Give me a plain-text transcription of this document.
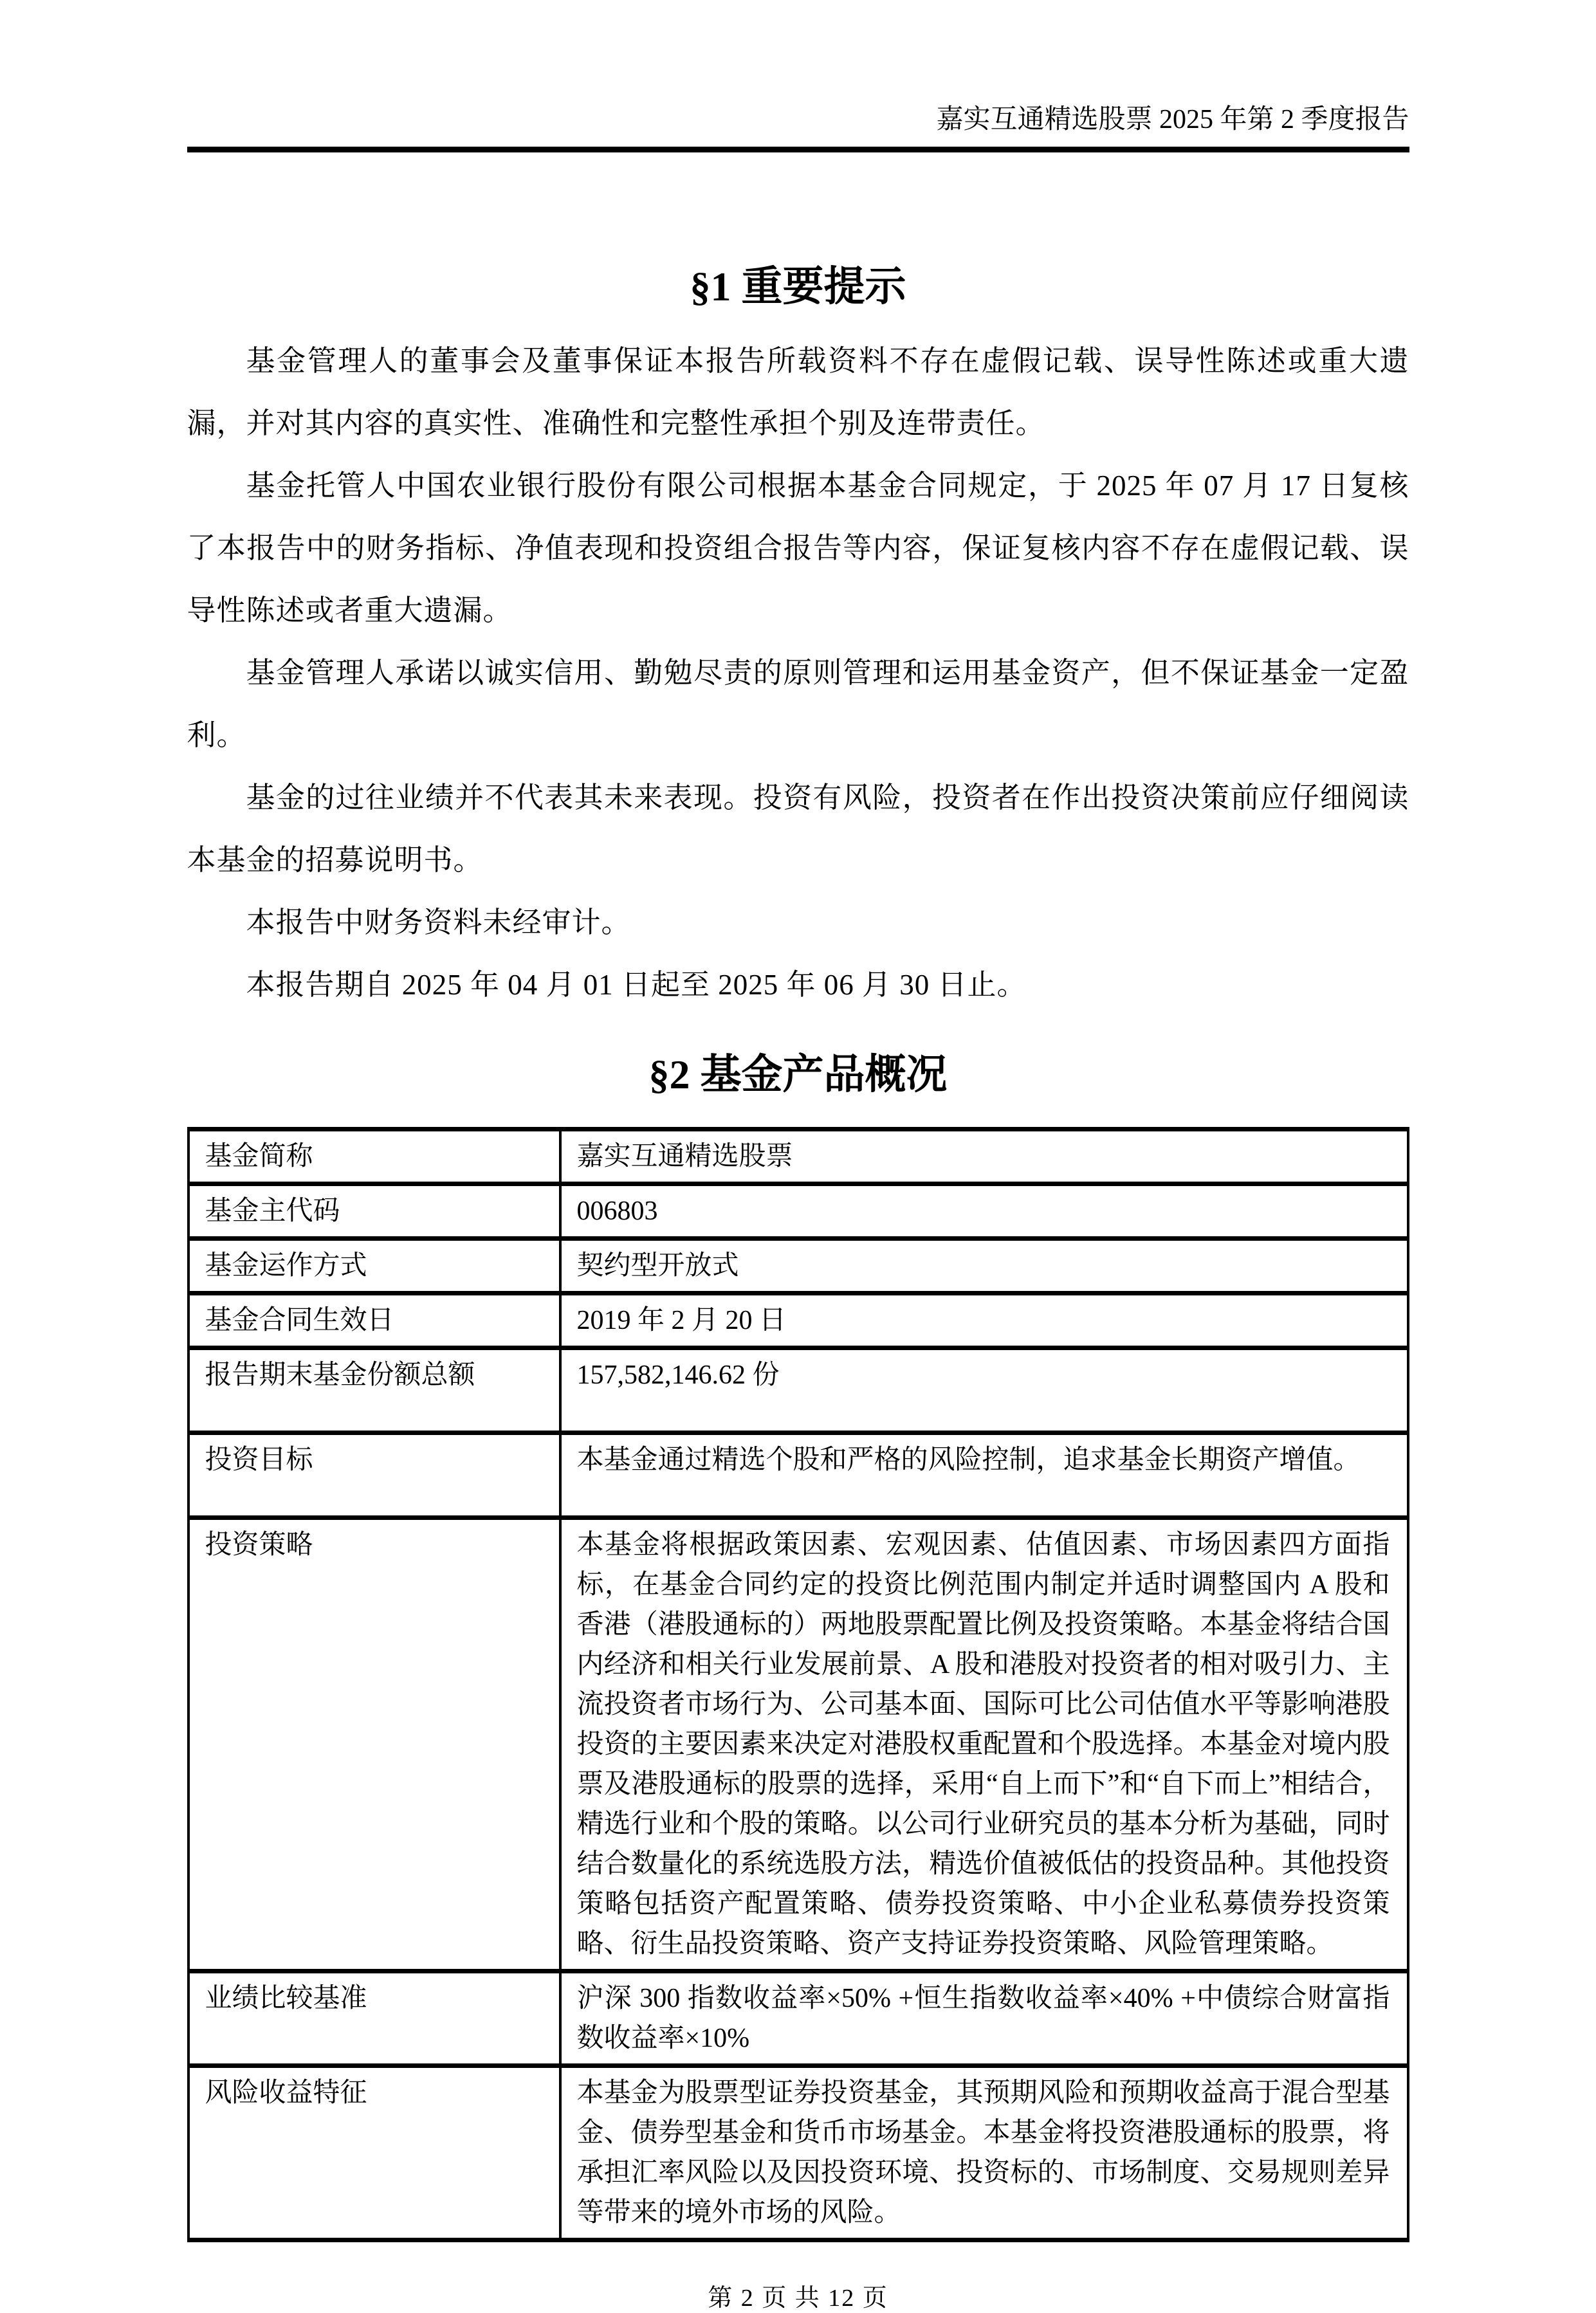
嘉实互通精选股票 2025 年第 2 季度报告
§1 重要提示

基金管理人的董事会及董事保证本报告所载资料不存在虚假记载、误导性陈述或重大遗漏，并对其内容的真实性、准确性和完整性承担个别及连带责任。

基金托管人中国农业银行股份有限公司根据本基金合同规定，于 2025 年 07 月 17 日复核了本报告中的财务指标、净值表现和投资组合报告等内容，保证复核内容不存在虚假记载、误导性陈述或者重大遗漏。

基金管理人承诺以诚实信用、勤勉尽责的原则管理和运用基金资产，但不保证基金一定盈利。

基金的过往业绩并不代表其未来表现。投资有风险，投资者在作出投资决策前应仔细阅读本基金的招募说明书。

本报告中财务资料未经审计。

本报告期自 2025 年 04 月 01 日起至 2025 年 06 月 30 日止。

§2 基金产品概况
基金简称	嘉实互通精选股票
基金主代码	006803
基金运作方式	契约型开放式
基金合同生效日	2019 年 2 月 20 日
报告期末基金份额总额	157,582,146.62 份
投资目标	本基金通过精选个股和严格的风险控制，追求基金长期资产增值。
投资策略	本基金将根据政策因素、宏观因素、估值因素、市场因素四方面指标，在基金合同约定的投资比例范围内制定并适时调整国内 A 股和香港（港股通标的）两地股票配置比例及投资策略。本基金将结合国内经济和相关行业发展前景、A 股和港股对投资者的相对吸引力、主流投资者市场行为、公司基本面、国际可比公司估值水平等影响港股投资的主要因素来决定对港股权重配置和个股选择。本基金对境内股票及港股通标的股票的选择，采用“自上而下”和“自下而上”相结合，精选行业和个股的策略。以公司行业研究员的基本分析为基础，同时结合数量化的系统选股方法，精选价值被低估的投资品种。其他投资策略包括资产配置策略、债券投资策略、中小企业私募债券投资策略、衍生品投资策略、资产支持证券投资策略、风险管理策略。
业绩比较基准	沪深 300 指数收益率×50% +恒生指数收益率×40% +中债综合财富指数收益率×10%
风险收益特征	本基金为股票型证券投资基金，其预期风险和预期收益高于混合型基金、债券型基金和货币市场基金。本基金将投资港股通标的股票，将承担汇率风险以及因投资环境、投资标的、市场制度、交易规则差异等带来的境外市场的风险。
第 2 页 共 12 页
